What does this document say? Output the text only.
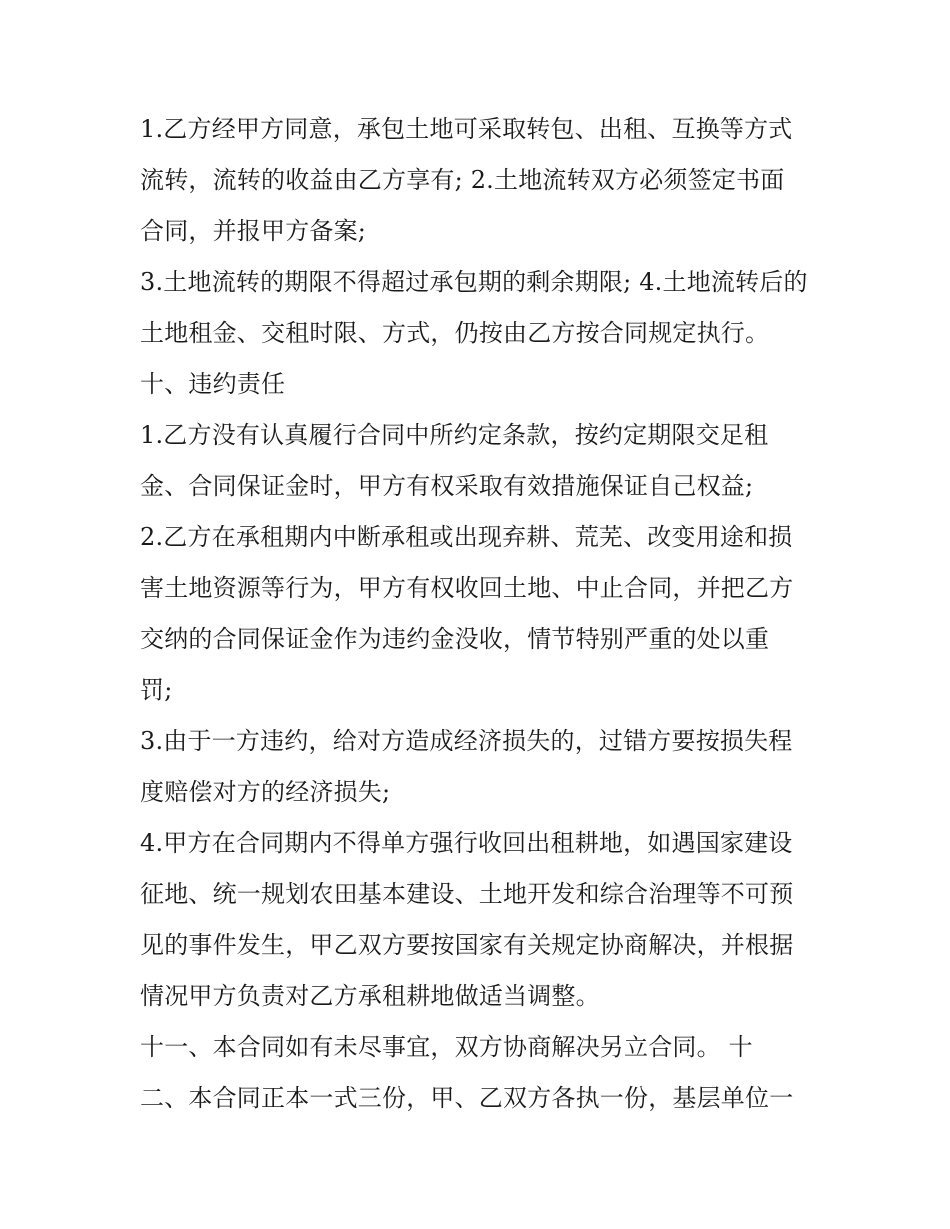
1.乙方经甲方同意，承包土地可采取转包、出租、互换等方式
流转，流转的收益由乙方享有; 2.土地流转双方必须签定书面
合同，并报甲方备案;
3.土地流转的期限不得超过承包期的剩余期限; 4.土地流转后的
土地租金、交租时限、方式，仍按由乙方按合同规定执行。
十、违约责任
1.乙方没有认真履行合同中所约定条款，按约定期限交足租
金、合同保证金时，甲方有权采取有效措施保证自己权益;
2.乙方在承租期内中断承租或出现弃耕、荒芜、改变用途和损
害土地资源等行为，甲方有权收回土地、中止合同，并把乙方
交纳的合同保证金作为违约金没收，情节特别严重的处以重
罚;
3.由于一方违约，给对方造成经济损失的，过错方要按损失程
度赔偿对方的经济损失;
4.甲方在合同期内不得单方强行收回出租耕地，如遇国家建设
征地、统一规划农田基本建设、土地开发和综合治理等不可预
见的事件发生，甲乙双方要按国家有关规定协商解决，并根据
情况甲方负责对乙方承租耕地做适当调整。
十一、本合同如有未尽事宜，双方协商解决另立合同。 十
二、本合同正本一式三份，甲、乙双方各执一份，基层单位一
